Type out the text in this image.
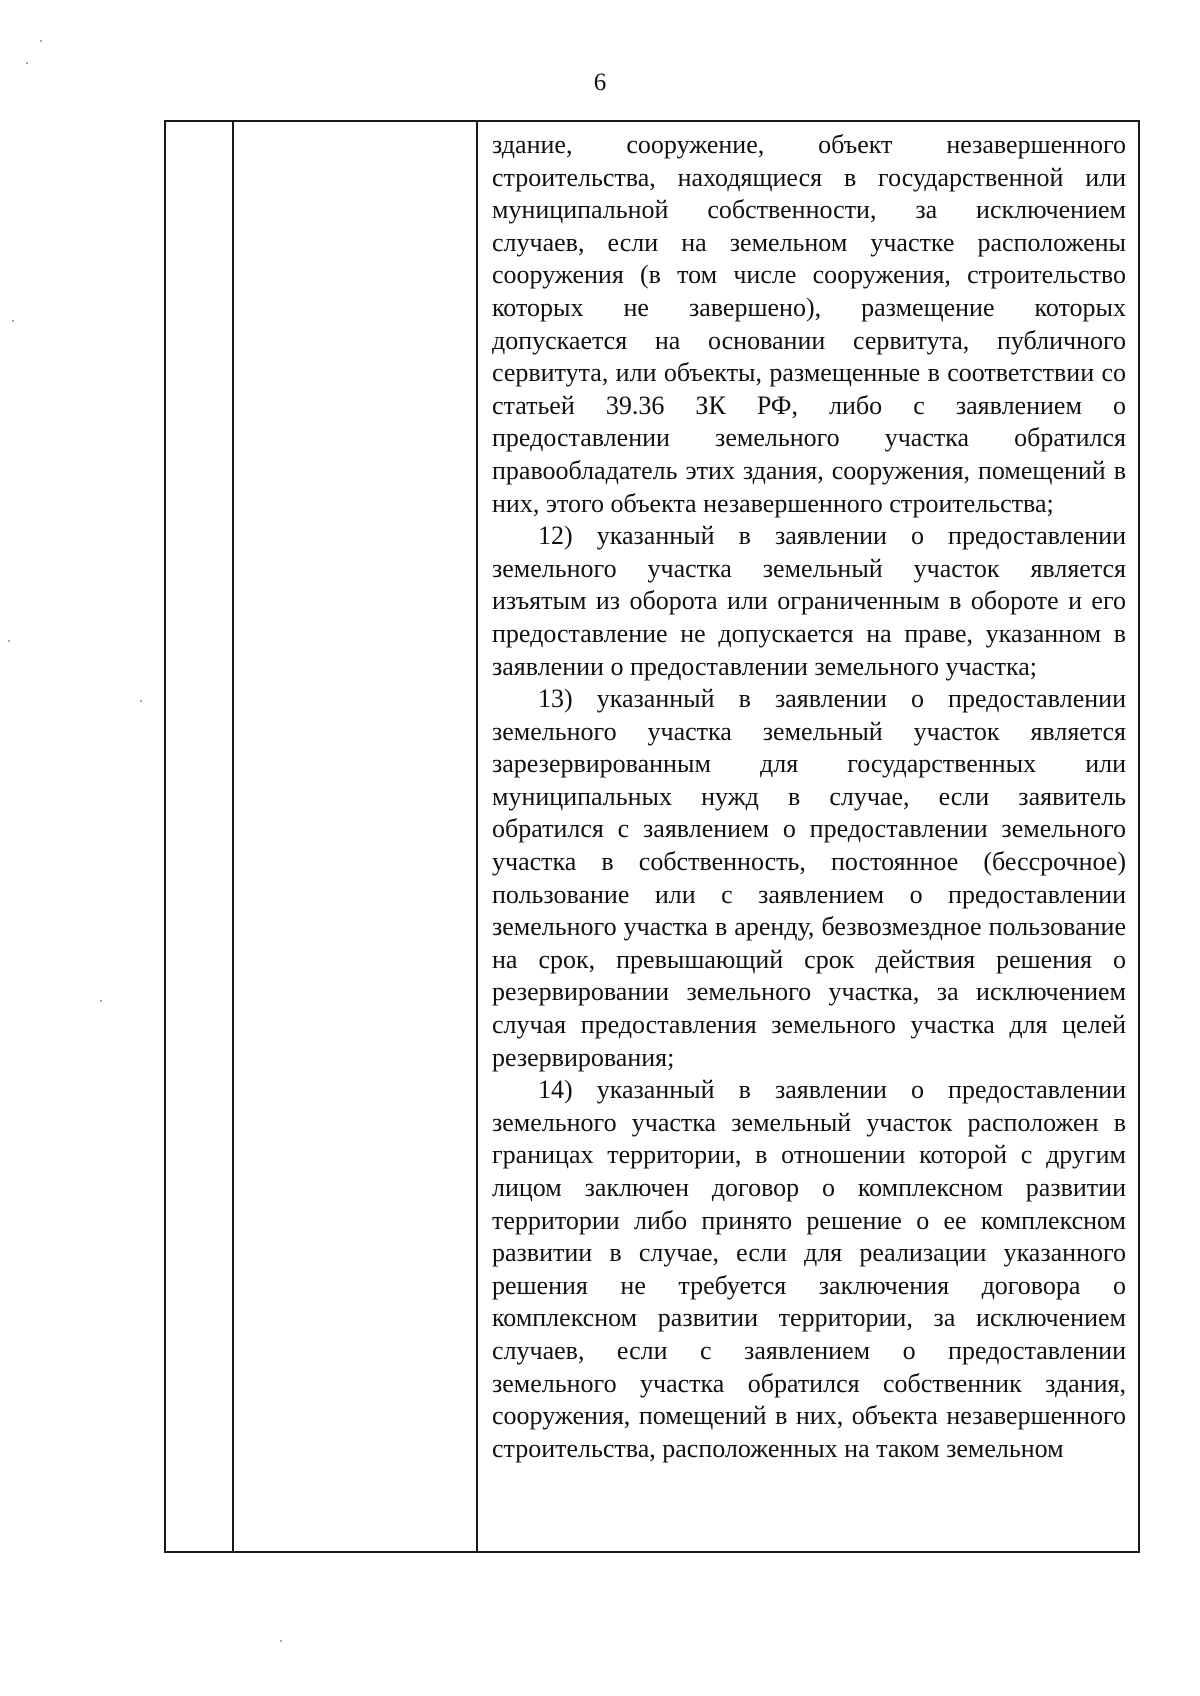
6

здание, сооружение, объект незавершенного строительства, находящиеся в государственной или муниципальной собственности, за исключением случаев, если на земельном участке расположены сооружения (в том числе сооружения, строительство которых не завершено), размещение которых допускается на основании сервитута, публичного сервитута, или объекты, размещенные в соответствии со статьей 39.36 ЗК РФ, либо с заявлением о предоставлении земельного участка обратился правообладатель этих здания, сооружения, помещений в них, этого объекта незавершенного строительства;

12) указанный в заявлении о предоставлении земельного участка земельный участок является изъятым из оборота или ограниченным в обороте и его предоставление не допускается на праве, указанном в заявлении о предоставлении земельного участка;

13) указанный в заявлении о предоставлении земельного участка земельный участок является зарезервированным для государственных или муниципальных нужд в случае, если заявитель обратился с заявлением о предоставлении земельного участка в собственность, постоянное (бессрочное) пользование или с заявлением о предоставлении земельного участка в аренду, безвозмездное пользование на срок, превышающий срок действия решения о резервировании земельного участка, за исключением случая предоставления земельного участка для целей резервирования;

14) указанный в заявлении о предоставлении земельного участка земельный участок расположен в границах территории, в отношении которой с другим лицом заключен договор о комплексном развитии территории либо принято решение о ее комплексном развитии в случае, если для реализации указанного решения не требуется заключения договора о комплексном развитии территории, за исключением случаев, если с заявлением о предоставлении земельного участка обратился собственник здания, сооружения, помещений в них, объекта незавершенного строительства, расположенных на таком земельном
